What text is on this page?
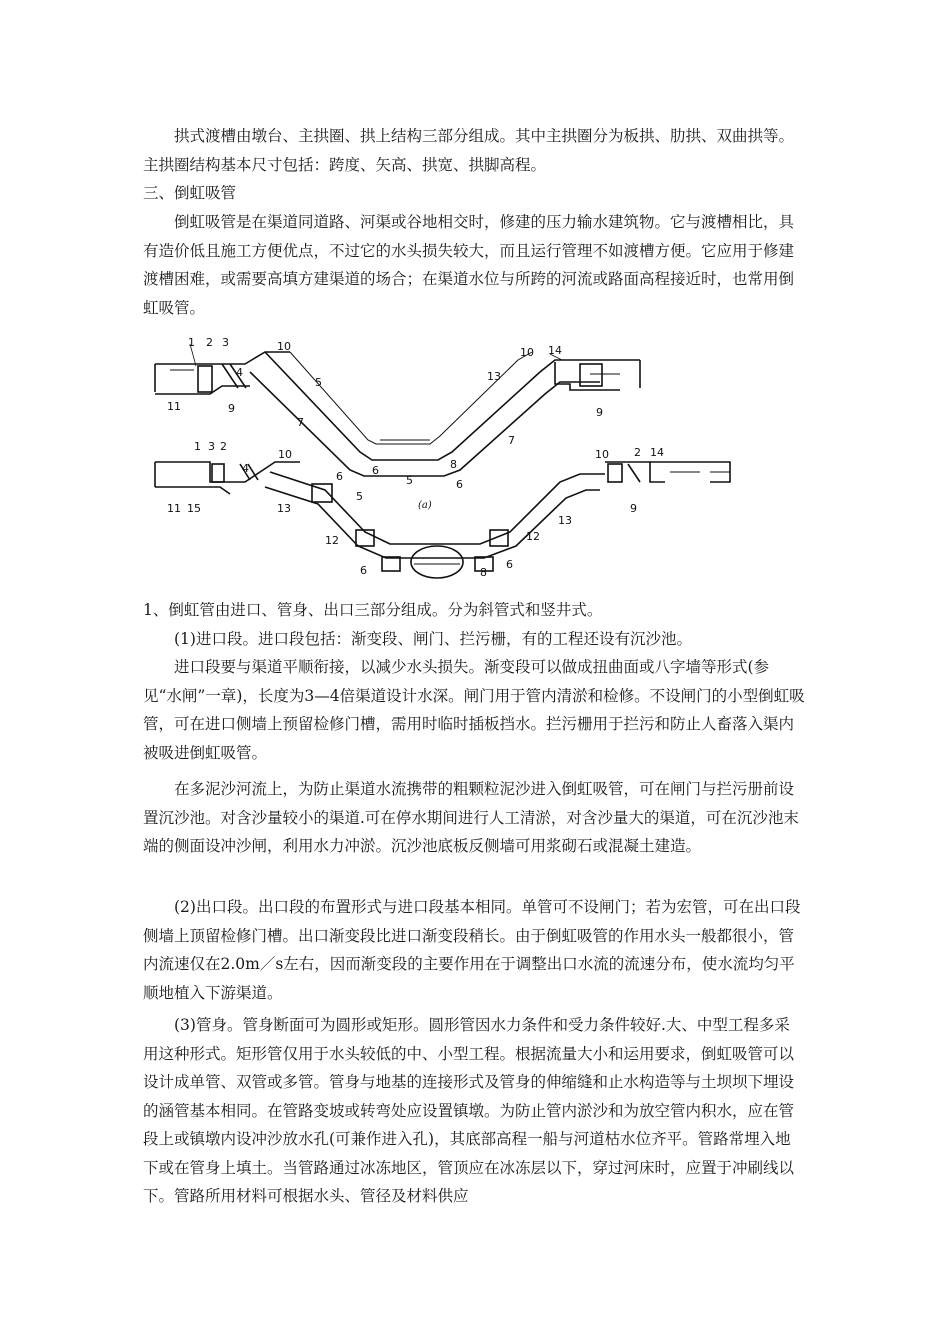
拱式渡槽由墩台、主拱圈、拱上结构三部分组成。其中主拱圈分为板拱、肋拱、双曲拱等。主拱圈结构基本尺寸包括：跨度、矢高、拱宽、拱脚高程。

三、倒虹吸管

倒虹吸管是在渠道同道路、河渠或谷地相交时，修建的压力输水建筑物。它与渡槽相比，具有造价低且施工方便优点，不过它的水头损失较大，而且运行管理不如渡槽方便。它应用于修建渡槽困难，或需要高填方建渠道的场合；在渠道水位与所跨的河流或路面高程接近时，也常用倒虹吸管。

1 2 3
4
10
5
7
11	9
10 14
13
7
8
5
6
6
9
1 3 2
4
10
6
5
11 15	13
12
6	8
6
10 2 14
13
12
9
(a)

1、倒虹管由进口、管身、出口三部分组成。分为斜管式和竖井式。

(1)进口段。进口段包括：渐变段、闸门、拦污栅，有的工程还设有沉沙池。

进口段要与渠道平顺衔接，以减少水头损失。渐变段可以做成扭曲面或八字墙等形式(参见“水闸”一章)，长度为3—4倍渠道设计水深。闸门用于管内清淤和检修。不设闸门的小型倒虹吸管，可在进口侧墙上预留检修门槽，需用时临时插板挡水。拦污栅用于拦污和防止人畜落入渠内被吸进倒虹吸管。

在多泥沙河流上，为防止渠道水流携带的粗颗粒泥沙进入倒虹吸管，可在闸门与拦污册前设置沉沙池。对含沙量较小的渠道.可在停水期间进行人工清淤，对含沙量大的渠道，可在沉沙池末端的侧面设冲沙闸，利用水力冲淤。沉沙池底板反侧墙可用浆砌石或混凝土建造。

(2)出口段。出口段的布置形式与进口段基本相同。单管可不设闸门；若为宏管，可在出口段侧墙上顶留检修门槽。出口渐变段比进口渐变段稍长。由于倒虹吸管的作用水头一般都很小，管内流速仅在2.0m／s左右，因而渐变段的主要作用在于调整出口水流的流速分布，使水流均匀平顺地植入下游渠道。

(3)管身。管身断面可为圆形或矩形。圆形管因水力条件和受力条件较好.大、中型工程多采用这种形式。矩形管仅用于水头较低的中、小型工程。根据流量大小和运用要求，倒虹吸管可以设计成单管、双管或多管。管身与地基的连接形式及管身的伸缩缝和止水构造等与土坝坝下埋设的涵管基本相同。在管路变坡或转弯处应设置镇墩。为防止管内淤沙和为放空管内积水，应在管段上或镇墩内设冲沙放水孔(可兼作进入孔)，其底部高程一船与河道枯水位齐平。管路常埋入地下或在管身上填土。当管路通过冰冻地区，管顶应在冰冻层以下，穿过河床时，应置于冲刷线以下。管路所用材料可根据水头、管径及材料供应
